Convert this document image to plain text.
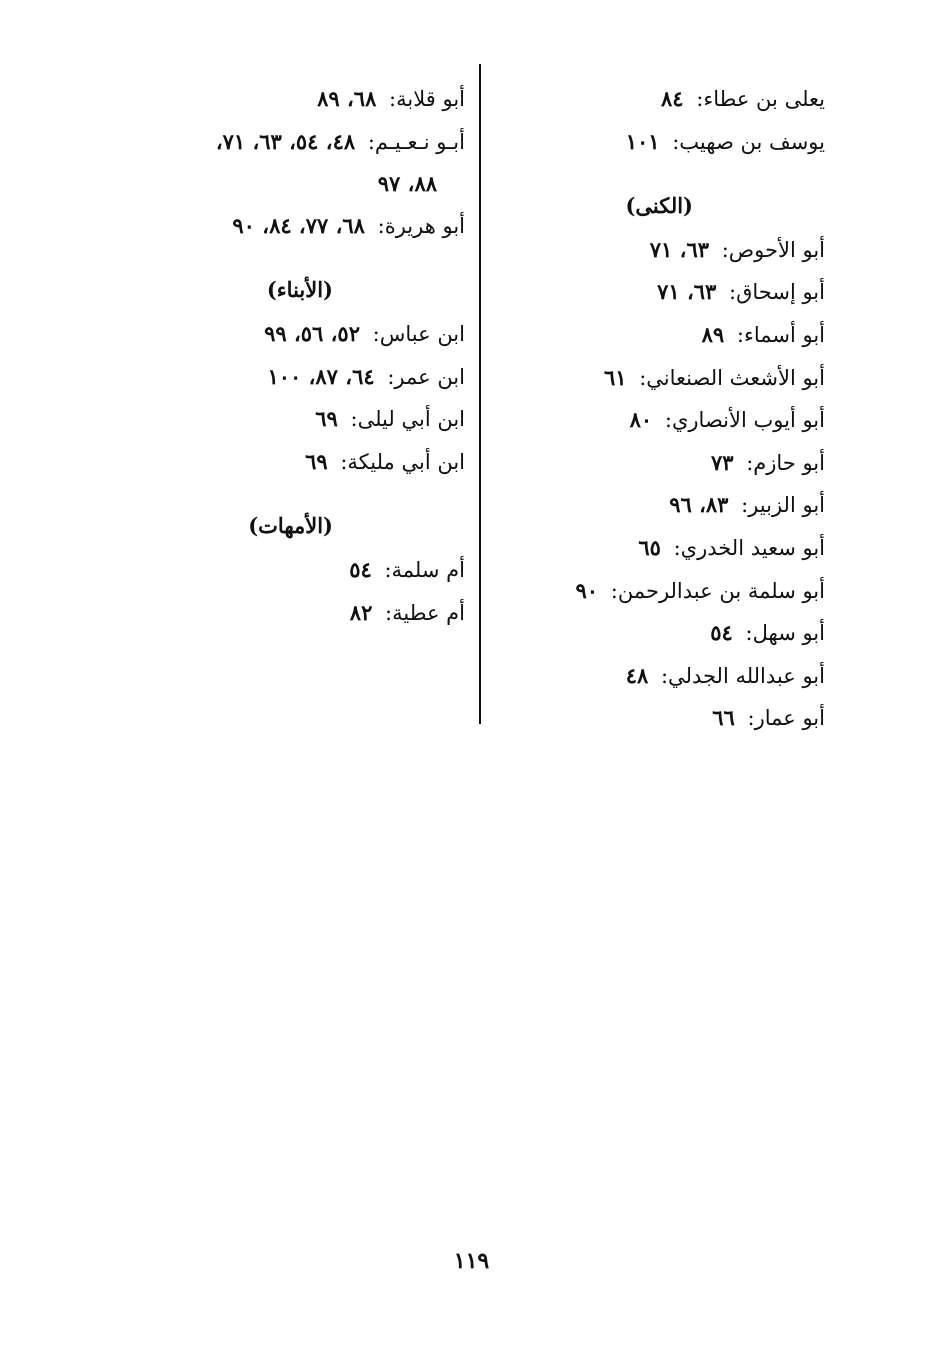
يعلى بن عطاء: ٨٤
يوسف بن صهيب: ١٠١
(الكنى)
أبو الأحوص: ٦٣، ٧١
أبو إسحاق: ٦٣، ٧١
أبو أسماء: ٨٩
أبو الأشعث الصنعاني: ٦١
أبو أيوب الأنصاري: ٨٠
أبو حازم: ٧٣
أبو الزبير: ٨٣، ٩٦
أبو سعيد الخدري: ٦٥
أبو سلمة بن عبدالرحمن: ٩٠
أبو سهل: ٥٤
أبو عبدالله الجدلي: ٤٨
أبو عمار: ٦٦
أبو قلابة: ٦٨، ٨٩
أبـو نـعـيـم: ٤٨، ٥٤، ٦٣، ٧١،
٨٨، ٩٧
أبو هريرة: ٦٨، ٧٧، ٨٤، ٩٠
(الأبناء)
ابن عباس: ٥٢، ٥٦، ٩٩
ابن عمر: ٦٤، ٨٧، ١٠٠
ابن أبي ليلى: ٦٩
ابن أبي مليكة: ٦٩
(الأمهات)
أم سلمة: ٥٤
أم عطية: ٨٢
١١٩
